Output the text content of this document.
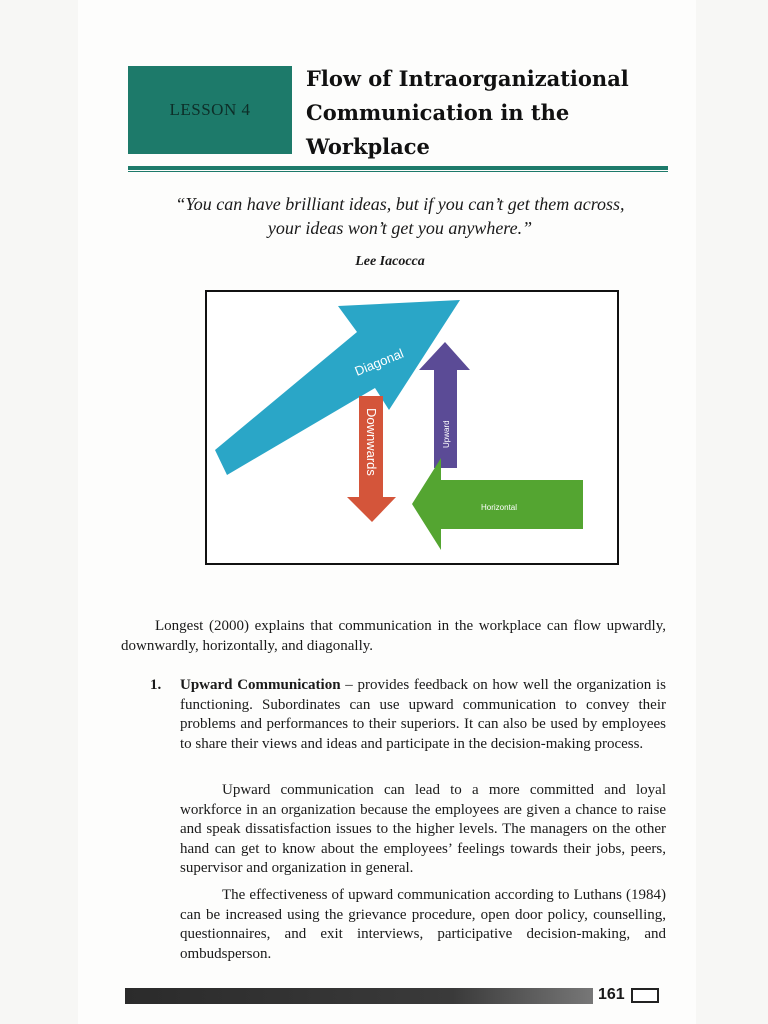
LESSON 4
Flow of Intraorganizational
Communication in the
Workplace
“You can have brilliant ideas, but if you can’t get them across,
your ideas won’t get you anywhere.”
Lee Iacocca
Diagonal
Upward
Downwards
Horizontal
Longest (2000) explains that communication in the workplace can flow upwardly, downwardly, horizontally, and diagonally.
1. Upward Communication – provides feedback on how well the organization is functioning. Subordinates can use upward communication to convey their problems and performances to their superiors. It can also be used by employees to share their views and ideas and participate in the decision-making process.
Upward communication can lead to a more committed and loyal workforce in an organization because the employees are given a chance to raise and speak dissatisfaction issues to the higher levels. The managers on the other hand can get to know about the employees’ feelings towards their jobs, peers, supervisor and organization in general.
The effectiveness of upward communication according to Luthans (1984) can be increased using the grievance procedure, open door policy, counselling, questionnaires, and exit interviews, participative decision-making, and ombudsperson.
161
